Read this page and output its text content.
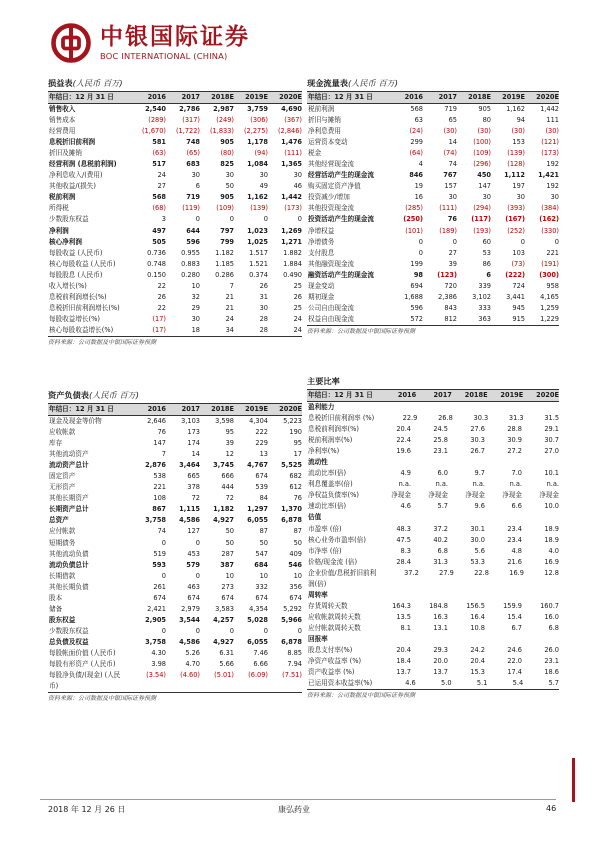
中银国际证券
BOC INTERNATIONAL (CHINA)
损益表(人民币 百万)
年结日：12 月 31 日	2016	2017	2018E	2019E	2020E
销售收入	2,540	2,786	2,987	3,759	4,690
销售成本	(289)	(317)	(249)	(306)	(367)
经营费用	(1,670)	(1,722)	(1,833)	(2,275)	(2,846)
息税折旧前利润	581	748	905	1,178	1,476
折旧及摊销	(63)	(65)	(80)	(94)	(111)
经营利润 (息税前利润)	517	683	825	1,084	1,365
净利息收入/(费用)	24	30	30	30	30
其他收益/(损失)	27	6	50	49	46
税前利润	568	719	905	1,162	1,442
所得税	(68)	(119)	(109)	(139)	(173)
少数股东权益	3	0	0	0	0
净利润	497	644	797	1,023	1,269
核心净利润	505	596	799	1,025	1,271
每股收益 (人民币)	0.736	0.955	1.182	1.517	1.882
核心每股收益 (人民币)	0.748	0.883	1.185	1.521	1.884
每股股息 (人民币)	0.150	0.280	0.286	0.374	0.490
收入增长(%)	22	10	7	26	25
息税前利润增长(%)	26	32	21	31	26
息税折旧前利润增长(%)	22	29	21	30	25
每股收益增长(%)	(17)	30	24	28	24
核心每股收益增长(%)	(17)	18	34	28	24
资料来源：公司数据及中银国际证券预测
资产负债表(人民币 百万)
年结日：12 月 31 日	2016	2017	2018E	2019E	2020E
现金及现金等价物	2,646	3,103	3,598	4,304	5,223
应收帐款	76	173	95	222	190
库存	147	174	39	229	95
其他流动资产	7	14	12	13	17
流动资产总计	2,876	3,464	3,745	4,767	5,525
固定资产	538	665	666	674	682
无形资产	221	378	444	539	612
其他长期资产	108	72	72	84	76
长期资产总计	867	1,115	1,182	1,297	1,370
总资产	3,758	4,586	4,927	6,055	6,878
应付帐款	74	127	50	87	87
短期债务	0	0	50	50	50
其他流动负债	519	453	287	547	409
流动负债总计	593	579	387	684	546
长期借款	0	0	10	10	10
其他长期负债	261	463	273	332	356
股本	674	674	674	674	674
储备	2,421	2,979	3,583	4,354	5,292
股东权益	2,905	3,544	4,257	5,028	5,966
少数股东权益	0	0	0	0	0
总负债及权益	3,758	4,586	4,927	6,055	6,878
每股帐面价值 (人民币)	4.30	5.26	6.31	7.46	8.85
每股有形资产 (人民币)	3.98	4.70	5.66	6.66	7.94
每股净负债/(现金) (人民	(3.54)	(4.60)	(5.01)	(6.09)	(7.51)
币)
资料来源：公司数据及中银国际证券预测
现金流量表(人民币 百万)
年结日：12 月 31 日	2016	2017	2018E	2019E	2020E
税前利润	568	719	905	1,162	1,442
折旧与摊销	63	65	80	94	111
净利息费用	(24)	(30)	(30)	(30)	(30)
运营资本变动	299	14	(100)	153	(121)
税金	(64)	(74)	(109)	(139)	(173)
其他经营现金流	4	74	(296)	(128)	192
经营活动产生的现金流	846	767	450	1,112	1,421
购买固定资产净值	19	157	147	197	192
投资减少/增加	16	30	30	30	30
其他投资现金流	(285)	(111)	(294)	(393)	(384)
投资活动产生的现金流	(250)	76	(117)	(167)	(162)
净增权益	(101)	(189)	(193)	(252)	(330)
净增债务	0	0	60	0	0
支付股息	0	27	53	103	221
其他融资现金流	199	39	86	(73)	(191)
融资活动产生的现金流	98	(123)	6	(222)	(300)
现金变动	694	720	339	724	958
期初现金	1,688	2,386	3,102	3,441	4,165
公司自由现金流	596	843	333	945	1,259
权益自由现金流	572	812	363	915	1,229
资料来源：公司数据及中银国际证券预测
主要比率
年结日：12 月 31 日	2016	2017	2018E	2019E	2020E
盈利能力
息税折旧前利润率 (%)	22.9	26.8	30.3	31.3	31.5
息税前利润率(%)	20.4	24.5	27.6	28.8	29.1
税前利润率(%)	22.4	25.8	30.3	30.9	30.7
净利率(%)	19.6	23.1	26.7	27.2	27.0
流动性
流动比率(倍)	4.9	6.0	9.7	7.0	10.1
利息覆盖率(倍)	n.a.	n.a.	n.a.	n.a.	n.a.
净权益负债率(%)	净现金	净现金	净现金	净现金	净现金
速动比率(倍)	4.6	5.7	9.6	6.6	10.0
估值
市盈率 (倍)	48.3	37.2	30.1	23.4	18.9
核心业务市盈率(倍)	47.5	40.2	30.0	23.4	18.9
市净率 (倍)	8.3	6.8	5.6	4.8	4.0
价格/现金流 (倍)	28.4	31.3	53.3	21.6	16.9
企业价值/息税折旧前利	37.2	27.9	22.8	16.9	12.8
润(倍)
周转率
存货周转天数	164.3	184.8	156.5	159.9	160.7
应收帐款周转天数	13.5	16.3	16.4	15.4	16.0
应付帐款周转天数	8.1	13.1	10.8	6.7	6.8
回报率
股息支付率(%)	20.4	29.3	24.2	24.6	26.0
净资产收益率 (%)	18.4	20.0	20.4	22.0	23.1
资产收益率 (%)	13.7	13.7	15.3	17.4	18.6
已运用资本收益率(%)	4.6	5.0	5.1	5.4	5.7
资料来源：公司数据及中银国际证券预测
2018 年 12 月 26 日	康弘药业	46
